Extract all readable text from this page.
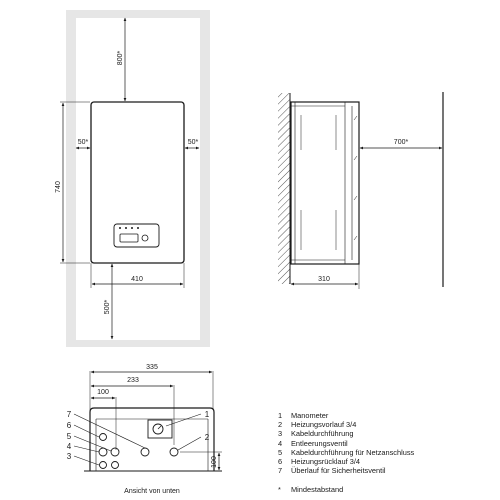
800*
50*	50*
740
410
500*
700*
310
335
233
100
100
7
6
5
4
3
1
2
Ansicht von unten
1	Manometer
2	Heizungsvorlauf 3/4
3	Kabeldurchführung
4	Entleerungsventil
5	Kabeldurchführung für Netzanschluss
6	Heizungsrücklauf 3/4
7	Überlauf für Sicherheitsventil
*	Mindestabstand
